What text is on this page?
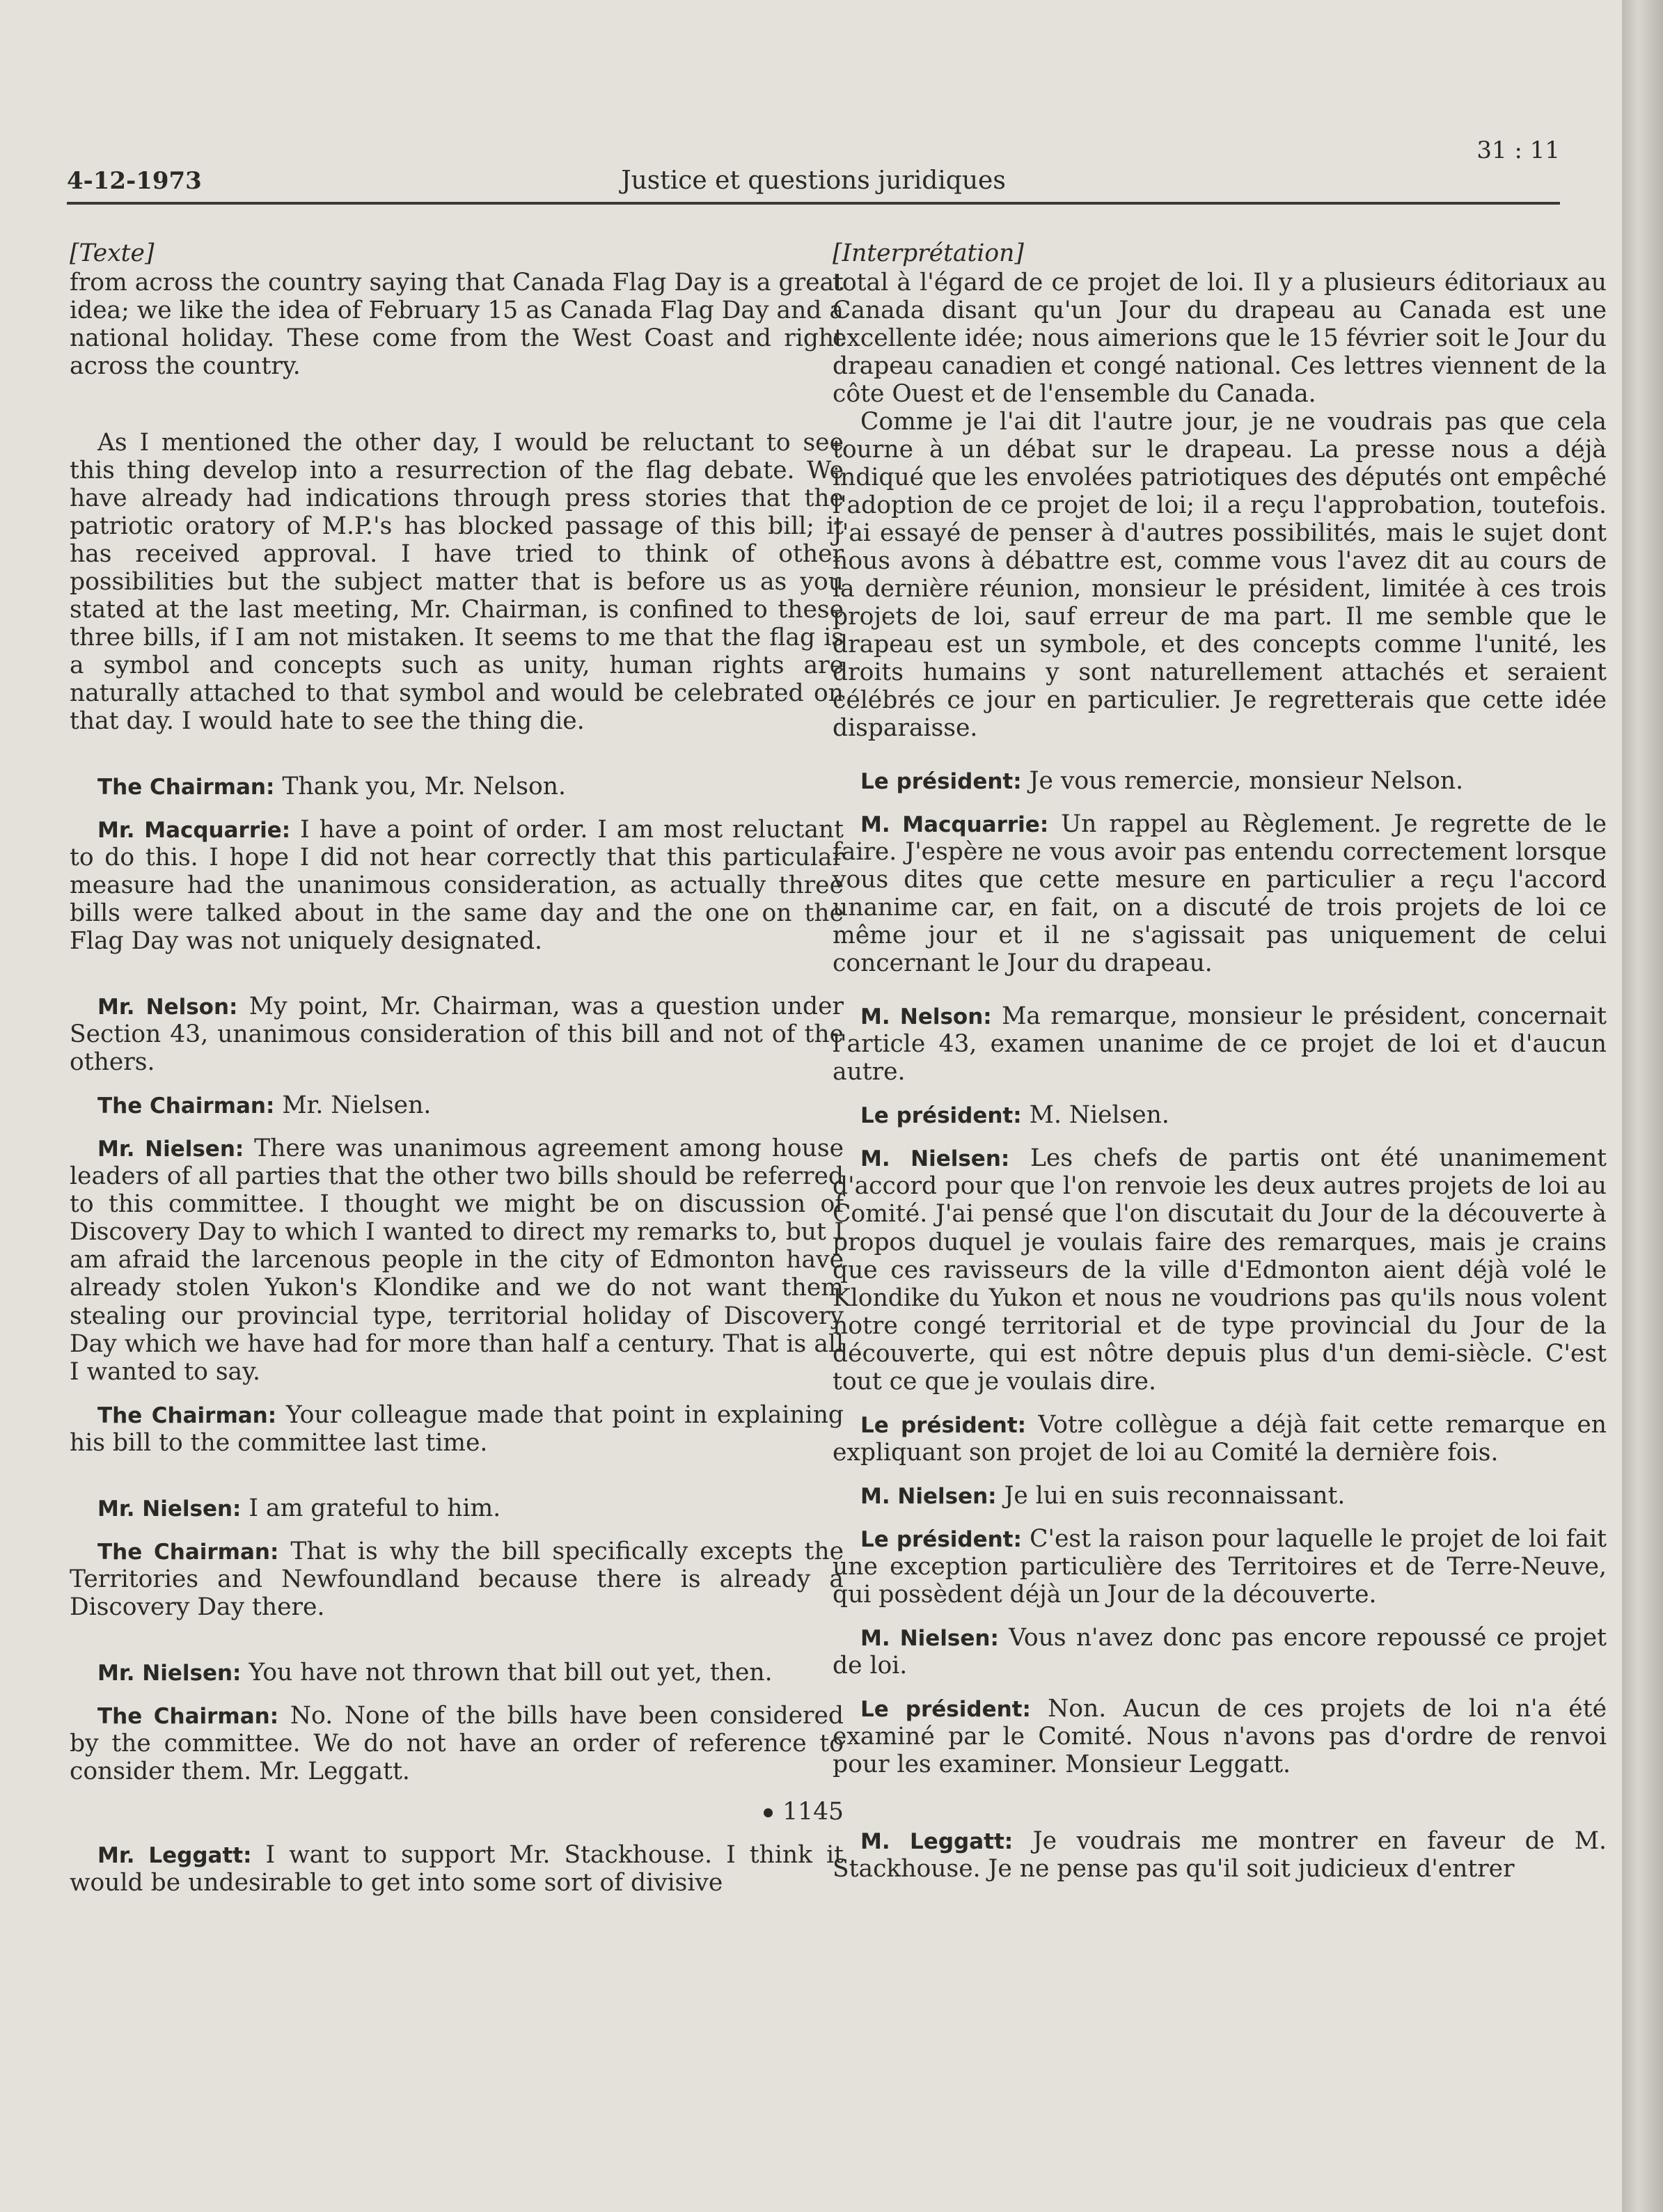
4-12-1973	Justice et questions juridiques
31 : 11
[Texte]

from across the country saying that Canada Flag Day is a great idea; we like the idea of February 15 as Canada Flag Day and a national holiday. These come from the West Coast and right across the country.

As I mentioned the other day, I would be reluctant to see this thing develop into a resurrection of the flag debate. We have already had indications through press stories that the patriotic oratory of M.P.'s has blocked passage of this bill; it has received approval. I have tried to think of other possibilities but the subject matter that is before us as you stated at the last meeting, Mr. Chairman, is confined to these three bills, if I am not mistaken. It seems to me that the flag is a symbol and concepts such as unity, human rights are naturally attached to that symbol and would be celebrated on that day. I would hate to see the thing die.

The Chairman: Thank you, Mr. Nelson.

Mr. Macquarrie: I have a point of order. I am most reluctant to do this. I hope I did not hear correctly that this particular measure had the unanimous consideration, as actually three bills were talked about in the same day and the one on the Flag Day was not uniquely designated.

Mr. Nelson: My point, Mr. Chairman, was a question under Section 43, unanimous consideration of this bill and not of the others.

The Chairman: Mr. Nielsen.

Mr. Nielsen: There was unanimous agreement among house leaders of all parties that the other two bills should be referred to this committee. I thought we might be on discussion of Discovery Day to which I wanted to direct my remarks to, but I am afraid the larcenous people in the city of Edmonton have already stolen Yukon's Klondike and we do not want them stealing our provincial type, territorial holiday of Discovery Day which we have had for more than half a century. That is all I wanted to say.

The Chairman: Your colleague made that point in explaining his bill to the committee last time.

Mr. Nielsen: I am grateful to him.

The Chairman: That is why the bill specifically excepts the Territories and Newfoundland because there is already a Discovery Day there.

Mr. Nielsen: You have not thrown that bill out yet, then.

The Chairman: No. None of the bills have been considered by the committee. We do not have an order of reference to consider them. Mr. Leggatt.

1145

Mr. Leggatt: I want to support Mr. Stackhouse. I think it would be undesirable to get into some sort of divisive

[Interprétation]

total à l'égard de ce projet de loi. Il y a plusieurs éditoriaux au Canada disant qu'un Jour du drapeau au Canada est une excellente idée; nous aimerions que le 15 février soit le Jour du drapeau canadien et congé national. Ces lettres viennent de la côte Ouest et de l'ensemble du Canada.

Comme je l'ai dit l'autre jour, je ne voudrais pas que cela tourne à un débat sur le drapeau. La presse nous a déjà indiqué que les envolées patriotiques des députés ont empêché l'adoption de ce projet de loi; il a reçu l'approbation, toutefois. J'ai essayé de penser à d'autres possibilités, mais le sujet dont nous avons à débattre est, comme vous l'avez dit au cours de la dernière réunion, monsieur le président, limitée à ces trois projets de loi, sauf erreur de ma part. Il me semble que le drapeau est un symbole, et des concepts comme l'unité, les droits humains y sont naturellement attachés et seraient célébrés ce jour en particulier. Je regretterais que cette idée disparaisse.

Le président: Je vous remercie, monsieur Nelson.

M. Macquarrie: Un rappel au Règlement. Je regrette de le faire. J'espère ne vous avoir pas entendu correctement lorsque vous dites que cette mesure en particulier a reçu l'accord unanime car, en fait, on a discuté de trois projets de loi ce même jour et il ne s'agissait pas uniquement de celui concernant le Jour du drapeau.

M. Nelson: Ma remarque, monsieur le président, concernait l'article 43, examen unanime de ce projet de loi et d'aucun autre.

Le président: M. Nielsen.

M. Nielsen: Les chefs de partis ont été unanimement d'accord pour que l'on renvoie les deux autres projets de loi au Comité. J'ai pensé que l'on discutait du Jour de la découverte à propos duquel je voulais faire des remarques, mais je crains que ces ravisseurs de la ville d'Edmonton aient déjà volé le Klondike du Yukon et nous ne voudrions pas qu'ils nous volent notre congé territorial et de type provincial du Jour de la découverte, qui est nôtre depuis plus d'un demi-siècle. C'est tout ce que je voulais dire.

Le président: Votre collègue a déjà fait cette remarque en expliquant son projet de loi au Comité la dernière fois.

M. Nielsen: Je lui en suis reconnaissant.

Le président: C'est la raison pour laquelle le projet de loi fait une exception particulière des Territoires et de Terre-Neuve, qui possèdent déjà un Jour de la découverte.

M. Nielsen: Vous n'avez donc pas encore repoussé ce projet de loi.

Le président: Non. Aucun de ces projets de loi n'a été examiné par le Comité. Nous n'avons pas d'ordre de renvoi pour les examiner. Monsieur Leggatt.

M. Leggatt: Je voudrais me montrer en faveur de M. Stackhouse. Je ne pense pas qu'il soit judicieux d'entrer
